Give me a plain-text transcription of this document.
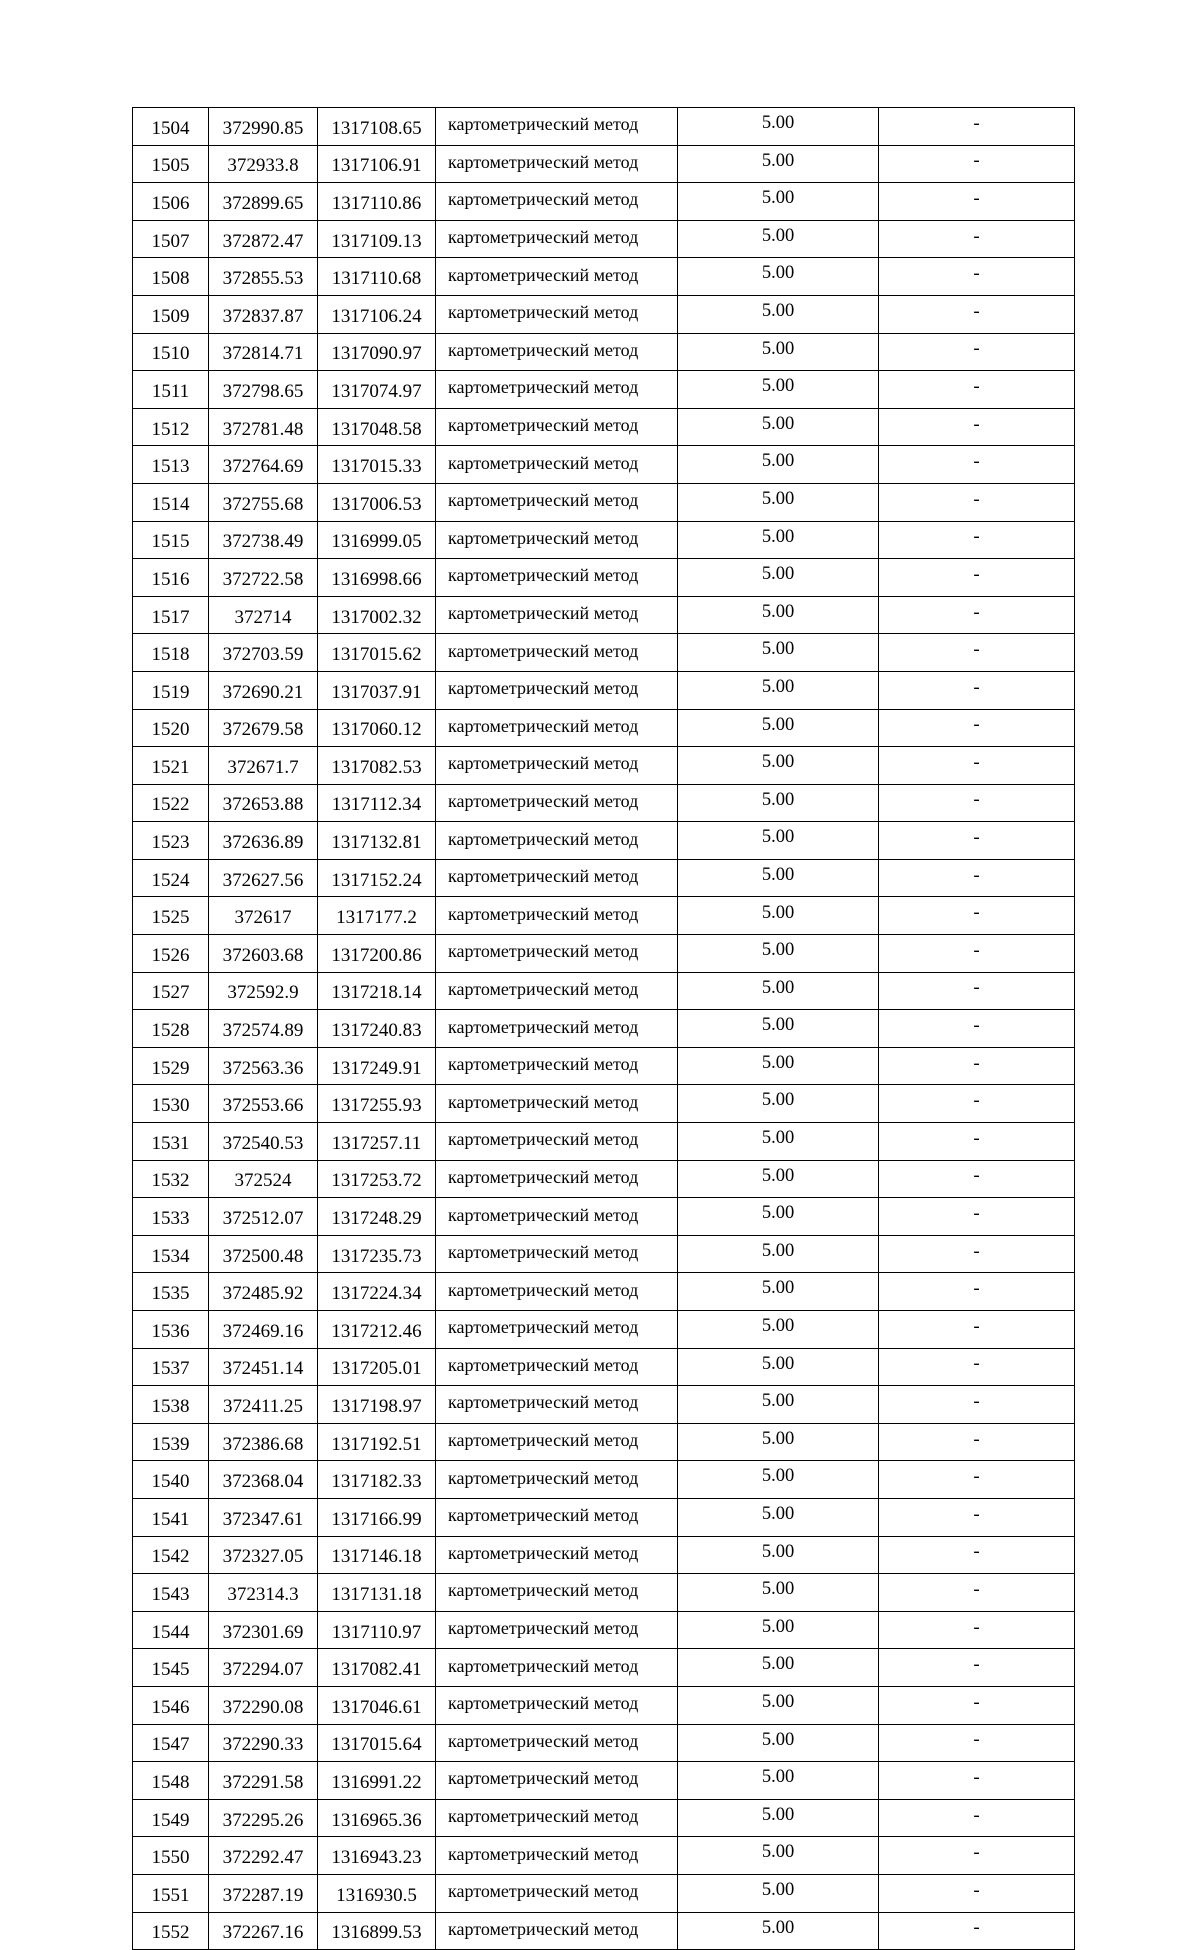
1504	372990.85	1317108.65	картометрический метод	5.00	-
1505	372933.8	1317106.91	картометрический метод	5.00	-
1506	372899.65	1317110.86	картометрический метод	5.00	-
1507	372872.47	1317109.13	картометрический метод	5.00	-
1508	372855.53	1317110.68	картометрический метод	5.00	-
1509	372837.87	1317106.24	картометрический метод	5.00	-
1510	372814.71	1317090.97	картометрический метод	5.00	-
1511	372798.65	1317074.97	картометрический метод	5.00	-
1512	372781.48	1317048.58	картометрический метод	5.00	-
1513	372764.69	1317015.33	картометрический метод	5.00	-
1514	372755.68	1317006.53	картометрический метод	5.00	-
1515	372738.49	1316999.05	картометрический метод	5.00	-
1516	372722.58	1316998.66	картометрический метод	5.00	-
1517	372714	1317002.32	картометрический метод	5.00	-
1518	372703.59	1317015.62	картометрический метод	5.00	-
1519	372690.21	1317037.91	картометрический метод	5.00	-
1520	372679.58	1317060.12	картометрический метод	5.00	-
1521	372671.7	1317082.53	картометрический метод	5.00	-
1522	372653.88	1317112.34	картометрический метод	5.00	-
1523	372636.89	1317132.81	картометрический метод	5.00	-
1524	372627.56	1317152.24	картометрический метод	5.00	-
1525	372617	1317177.2	картометрический метод	5.00	-
1526	372603.68	1317200.86	картометрический метод	5.00	-
1527	372592.9	1317218.14	картометрический метод	5.00	-
1528	372574.89	1317240.83	картометрический метод	5.00	-
1529	372563.36	1317249.91	картометрический метод	5.00	-
1530	372553.66	1317255.93	картометрический метод	5.00	-
1531	372540.53	1317257.11	картометрический метод	5.00	-
1532	372524	1317253.72	картометрический метод	5.00	-
1533	372512.07	1317248.29	картометрический метод	5.00	-
1534	372500.48	1317235.73	картометрический метод	5.00	-
1535	372485.92	1317224.34	картометрический метод	5.00	-
1536	372469.16	1317212.46	картометрический метод	5.00	-
1537	372451.14	1317205.01	картометрический метод	5.00	-
1538	372411.25	1317198.97	картометрический метод	5.00	-
1539	372386.68	1317192.51	картометрический метод	5.00	-
1540	372368.04	1317182.33	картометрический метод	5.00	-
1541	372347.61	1317166.99	картометрический метод	5.00	-
1542	372327.05	1317146.18	картометрический метод	5.00	-
1543	372314.3	1317131.18	картометрический метод	5.00	-
1544	372301.69	1317110.97	картометрический метод	5.00	-
1545	372294.07	1317082.41	картометрический метод	5.00	-
1546	372290.08	1317046.61	картометрический метод	5.00	-
1547	372290.33	1317015.64	картометрический метод	5.00	-
1548	372291.58	1316991.22	картометрический метод	5.00	-
1549	372295.26	1316965.36	картометрический метод	5.00	-
1550	372292.47	1316943.23	картометрический метод	5.00	-
1551	372287.19	1316930.5	картометрический метод	5.00	-
1552	372267.16	1316899.53	картометрический метод	5.00	-
